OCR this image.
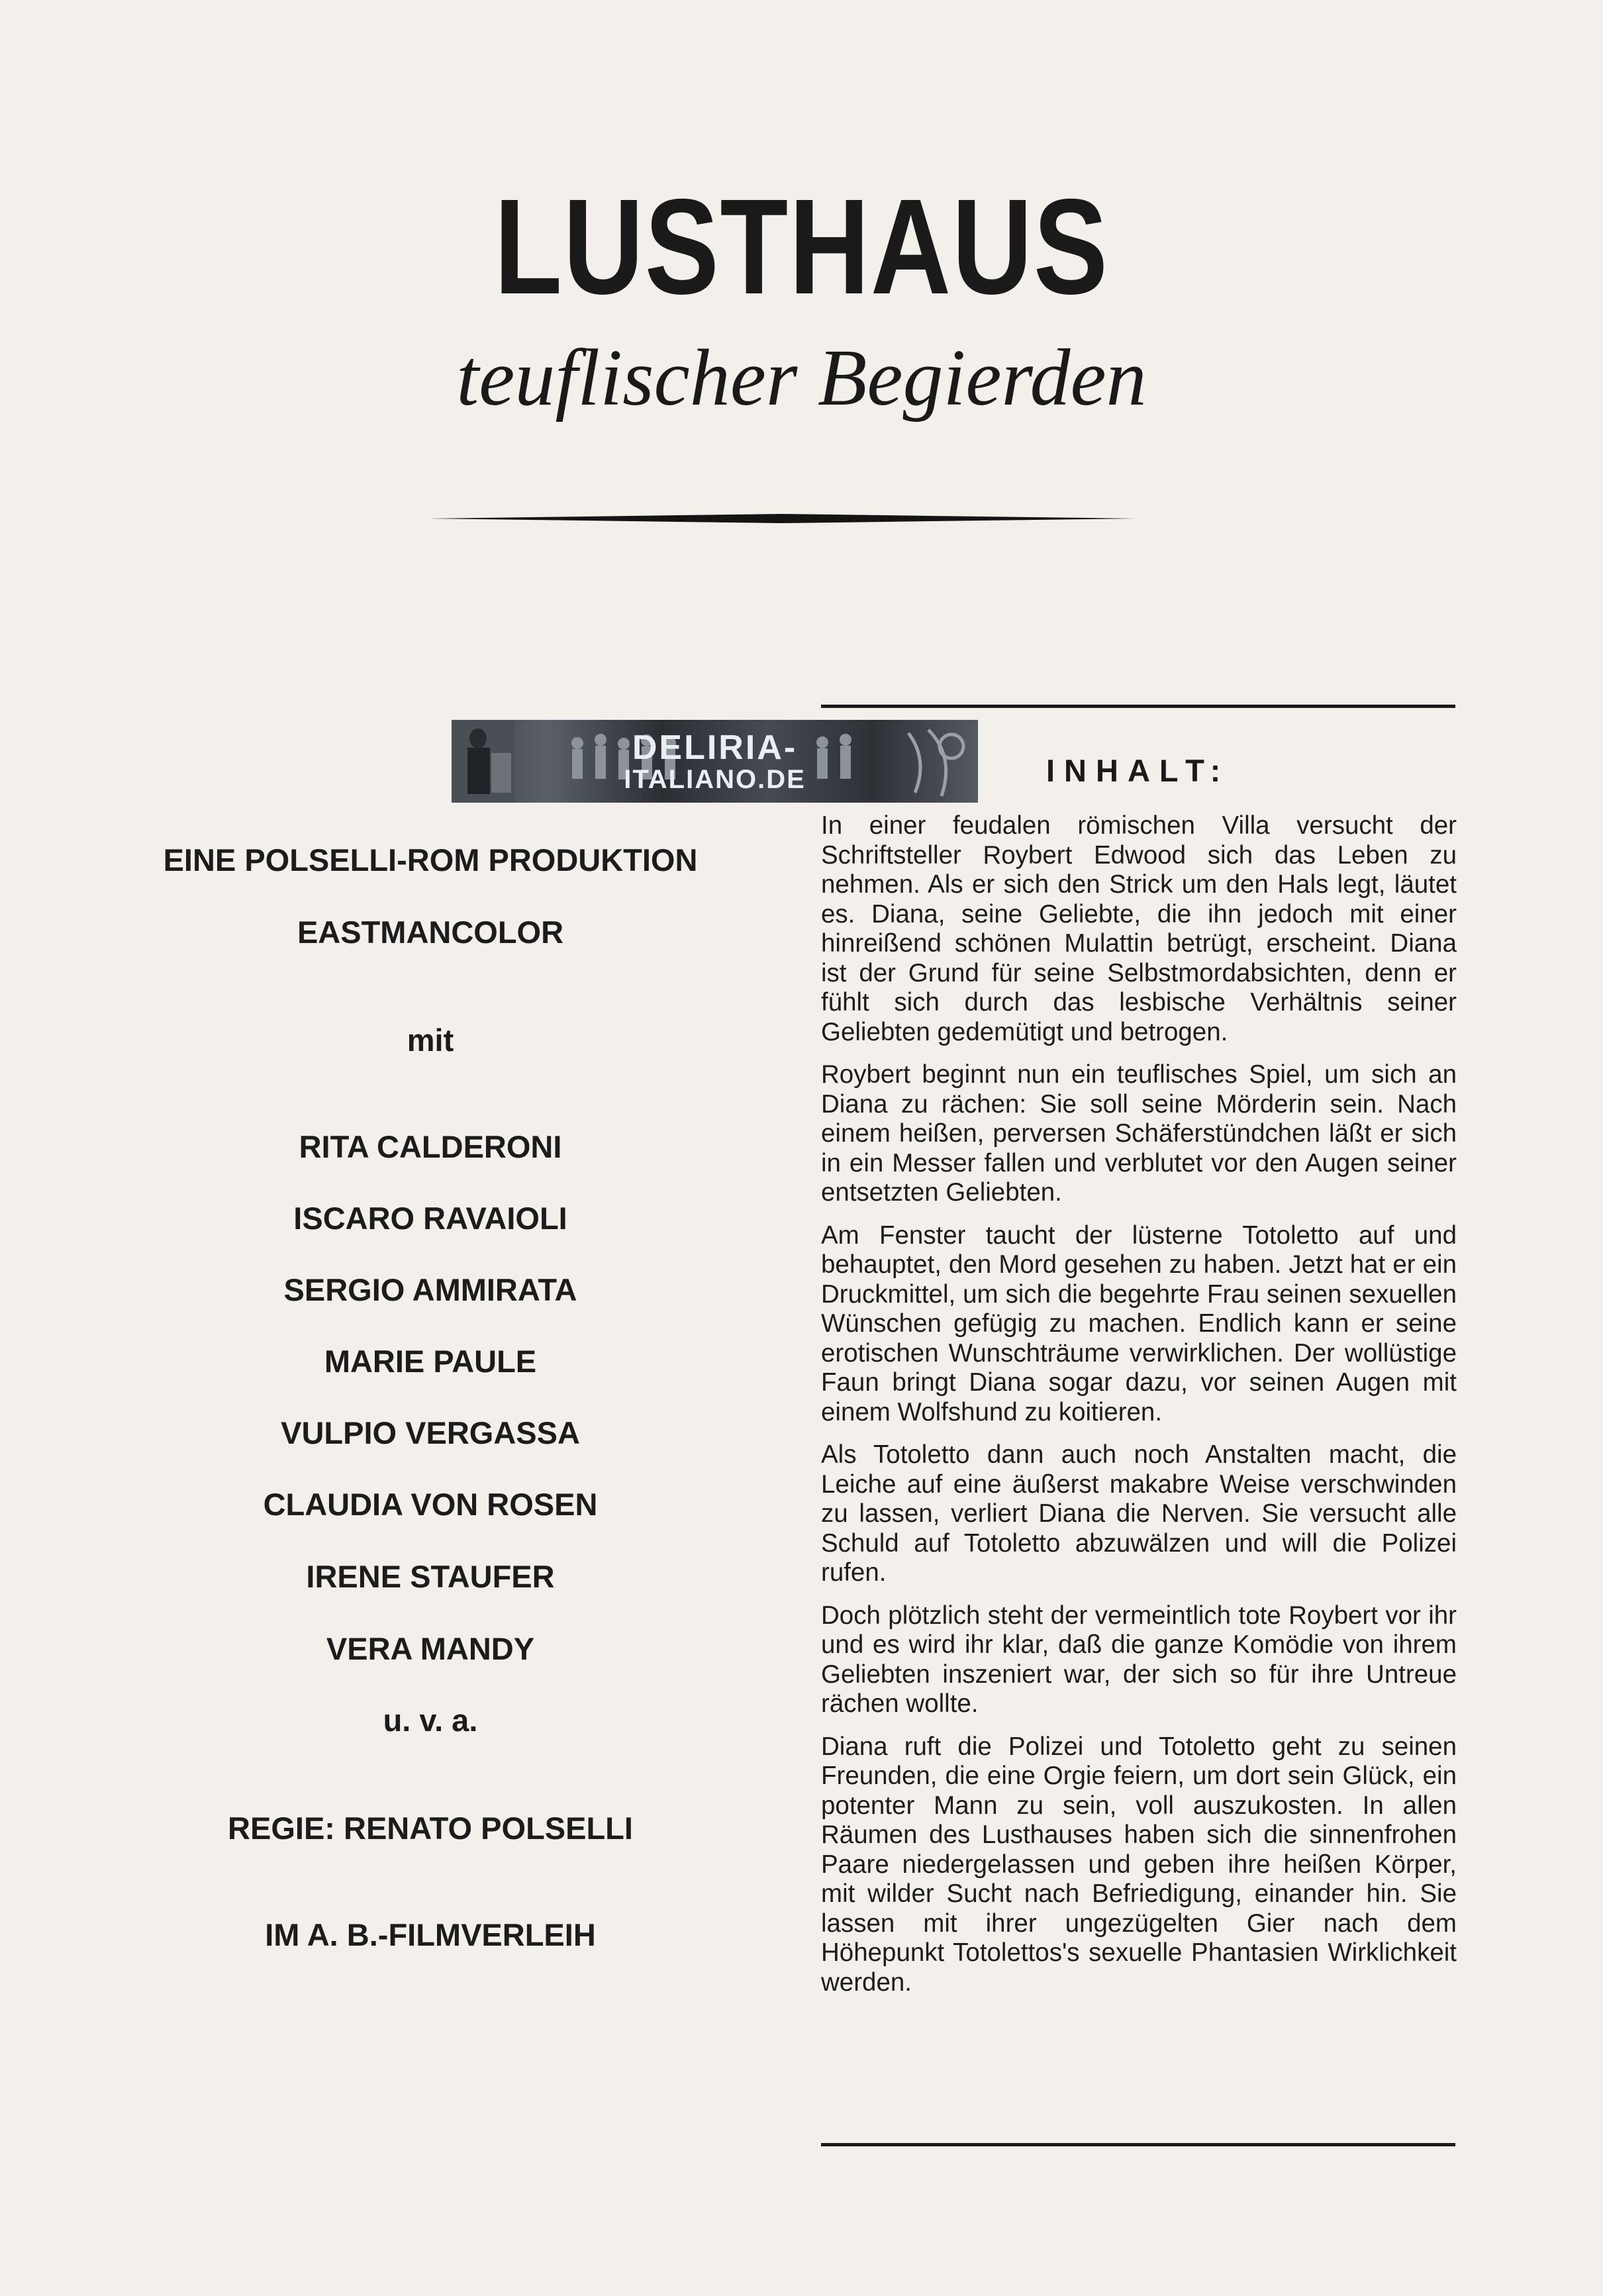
LUSTHAUS
teuflischer Begierden
DELIRIA-
ITALIANO.DE
EINE POLSELLI-ROM PRODUKTION
EASTMANCOLOR
mit
RITA CALDERONI
ISCARO RAVAIOLI
SERGIO AMMIRATA
MARIE PAULE
VULPIO VERGASSA
CLAUDIA VON ROSEN
IRENE STAUFER
VERA MANDY
u. v. a.
REGIE: RENATO POLSELLI
IM A. B.-FILMVERLEIH
INHALT:

In einer feudalen römischen Villa versucht der Schriftsteller Roybert Edwood sich das Leben zu nehmen. Als er sich den Strick um den Hals legt, läutet es. Diana, seine Geliebte, die ihn jedoch mit einer hinreißend schönen Mulattin betrügt, erscheint. Diana ist der Grund für seine Selbstmordabsichten, denn er fühlt sich durch das lesbische Verhältnis seiner Geliebten gedemütigt und betrogen.

Roybert beginnt nun ein teuflisches Spiel, um sich an Diana zu rächen: Sie soll seine Mörderin sein. Nach einem heißen, perversen Schäferstündchen läßt er sich in ein Messer fallen und verblutet vor den Augen seiner entsetzten Geliebten.

Am Fenster taucht der lüsterne Totoletto auf und behauptet, den Mord gesehen zu haben. Jetzt hat er ein Druckmittel, um sich die begehrte Frau seinen sexuellen Wünschen gefügig zu machen. Endlich kann er seine erotischen Wunschträume verwirklichen. Der wollüstige Faun bringt Diana sogar dazu, vor seinen Augen mit einem Wolfshund zu koitieren.

Als Totoletto dann auch noch Anstalten macht, die Leiche auf eine äußerst makabre Weise verschwinden zu lassen, verliert Diana die Nerven. Sie versucht alle Schuld auf Totoletto abzuwälzen und will die Polizei rufen.

Doch plötzlich steht der vermeintlich tote Roybert vor ihr und es wird ihr klar, daß die ganze Komödie von ihrem Geliebten inszeniert war, der sich so für ihre Untreue rächen wollte.

Diana ruft die Polizei und Totoletto geht zu seinen Freunden, die eine Orgie feiern, um dort sein Glück, ein potenter Mann zu sein, voll auszukosten. In allen Räumen des Lusthauses haben sich die sinnenfrohen Paare niedergelassen und geben ihre heißen Körper, mit wilder Sucht nach Befriedigung, einander hin. Sie lassen mit ihrer ungezügelten Gier nach dem Höhepunkt Totolettos's sexuelle Phantasien Wirklichkeit werden.
